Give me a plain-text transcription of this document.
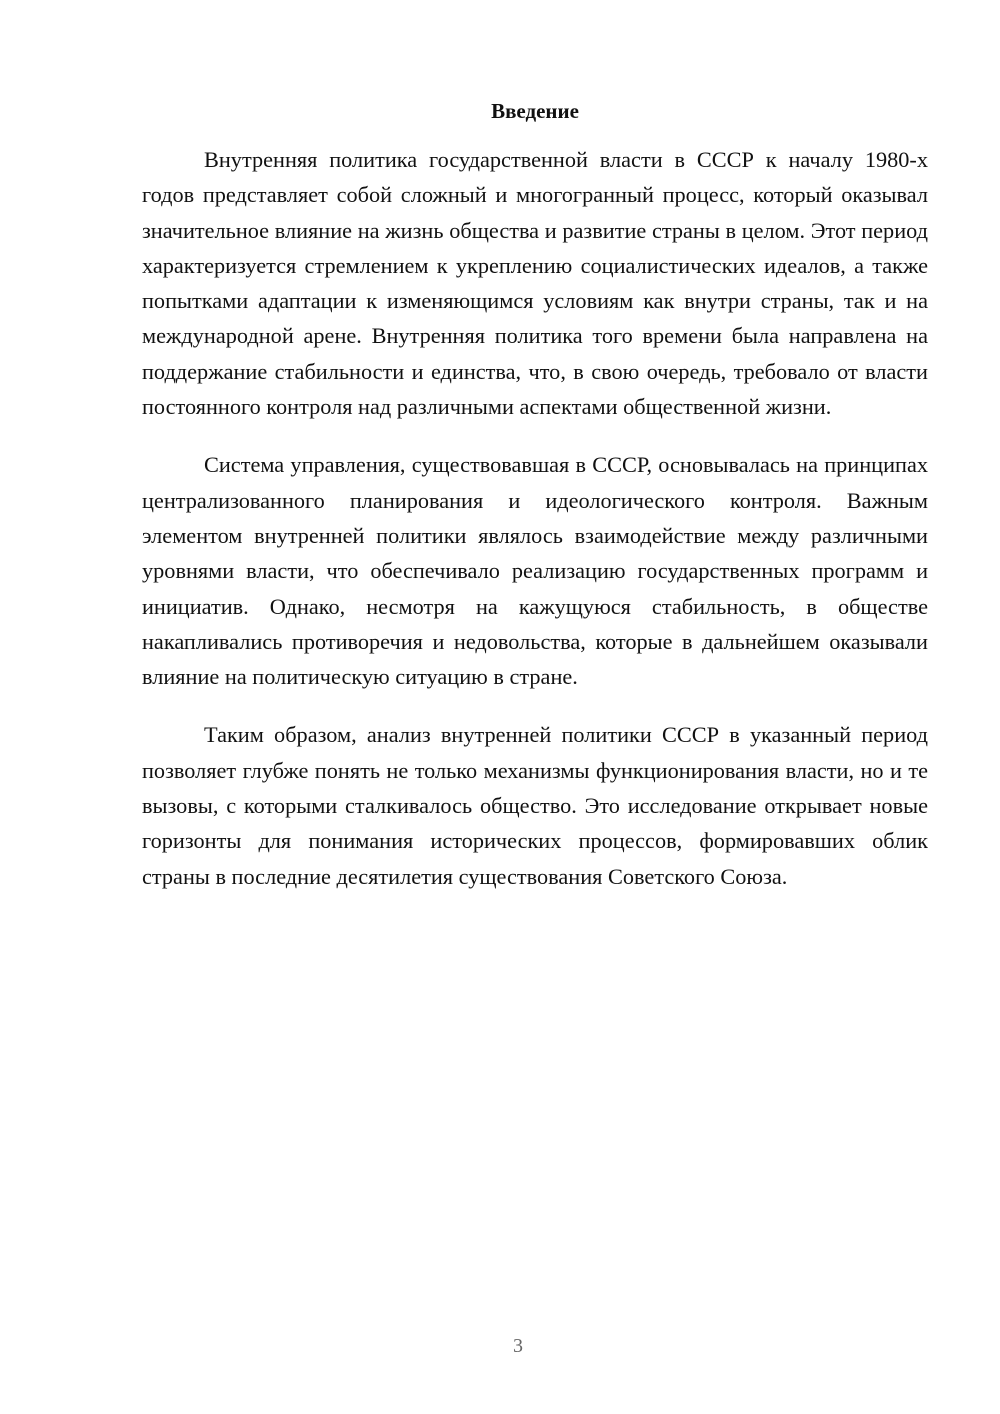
Введение

Внутренняя политика государственной власти в СССР к началу 1980-х годов представляет собой сложный и многогранный процесс, который оказывал значительное влияние на жизнь общества и развитие страны в целом. Этот период характеризуется стремлением к укреплению социалистических идеалов, а также попытками адаптации к изменяющимся условиям как внутри страны, так и на международной арене. Внутренняя политика того времени была направлена на поддержание стабильности и единства, что, в свою очередь, требовало от власти постоянного контроля над различными аспектами общественной жизни.

Система управления, существовавшая в СССР, основывалась на принципах централизованного планирования и идеологического контроля. Важным элементом внутренней политики являлось взаимодействие между различными уровнями власти, что обеспечивало реализацию государственных программ и инициатив. Однако, несмотря на кажущуюся стабильность, в обществе накапливались противоречия и недовольства, которые в дальнейшем оказывали влияние на политическую ситуацию в стране.

Таким образом, анализ внутренней политики СССР в указанный период позволяет глубже понять не только механизмы функционирования власти, но и те вызовы, с которыми сталкивалось общество. Это исследование открывает новые горизонты для понимания исторических процессов, формировавших облик страны в последние десятилетия существования Советского Союза.

3
